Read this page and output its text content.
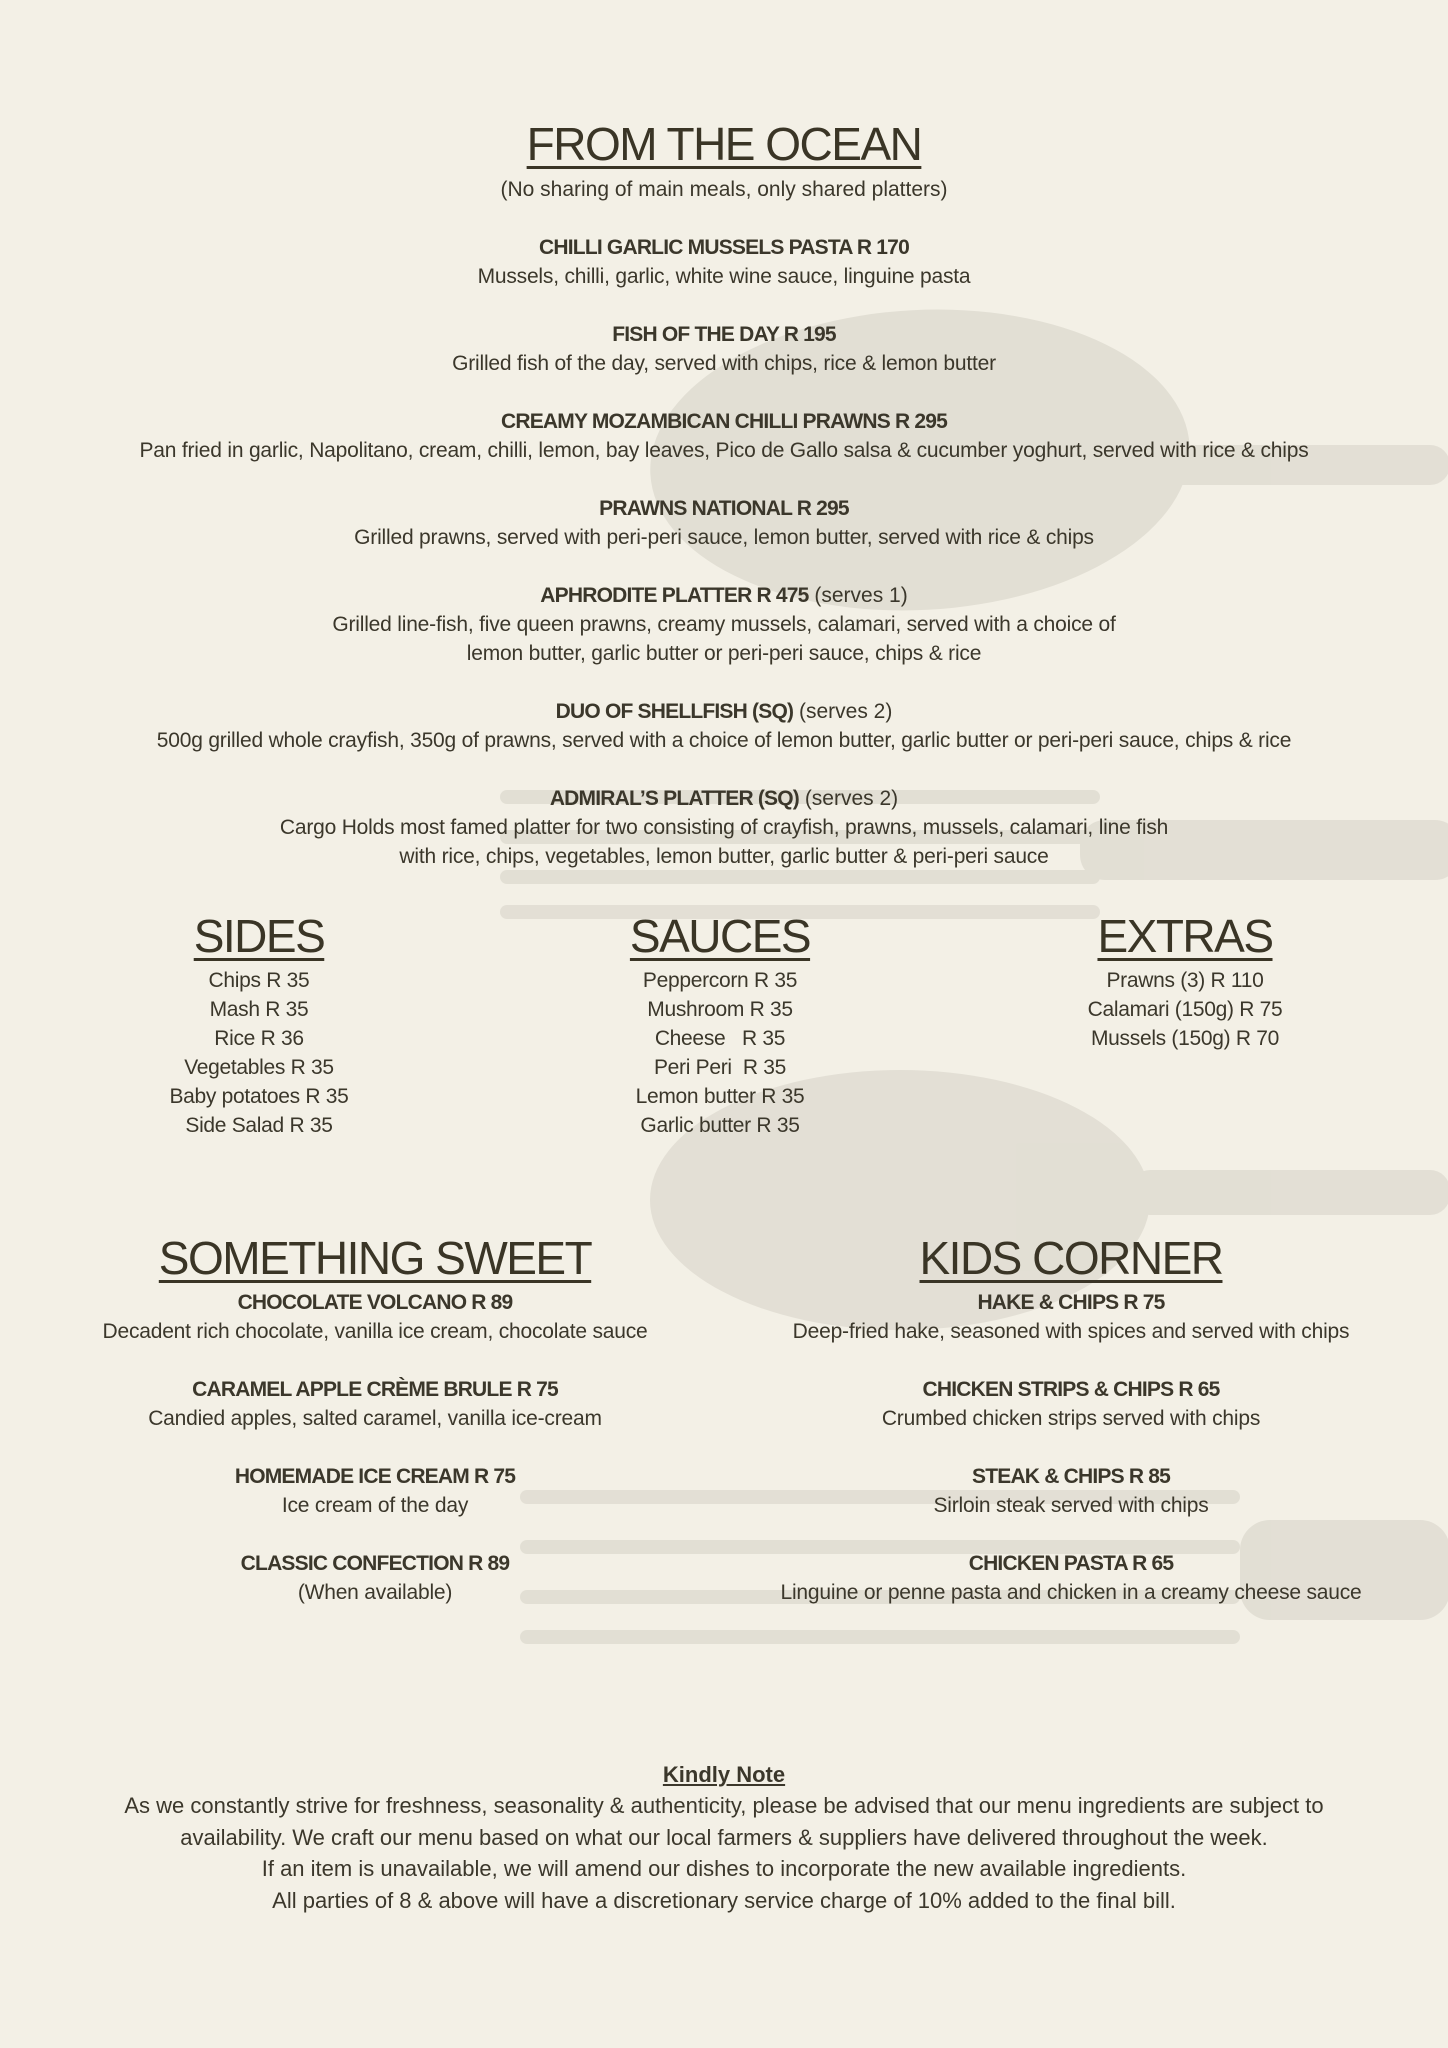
FROM THE OCEAN
(No sharing of main meals, only shared platters)
CHILLI GARLIC MUSSELS PASTA R 170
Mussels, chilli, garlic, white wine sauce, linguine pasta
FISH OF THE DAY R 195
Grilled fish of the day, served with chips, rice & lemon butter
CREAMY MOZAMBICAN CHILLI PRAWNS R 295
Pan fried in garlic, Napolitano, cream, chilli, lemon, bay leaves, Pico de Gallo salsa & cucumber yoghurt, served with rice & chips
PRAWNS NATIONAL R 295
Grilled prawns, served with peri-peri sauce, lemon butter, served with rice & chips
APHRODITE PLATTER R 475 (serves 1)
Grilled line-fish, five queen prawns, creamy mussels, calamari, served with a choice of
lemon butter, garlic butter or peri-peri sauce, chips & rice
DUO OF SHELLFISH (SQ) (serves 2)
500g grilled whole crayfish, 350g of prawns, served with a choice of lemon butter, garlic butter or peri-peri sauce, chips & rice
ADMIRAL’S PLATTER (SQ) (serves 2)
Cargo Holds most famed platter for two consisting of crayfish, prawns, mussels, calamari, line fish
with rice, chips, vegetables, lemon butter, garlic butter & peri-peri sauce
SIDES
Chips R 35
Mash R 35
Rice R 36
Vegetables R 35
Baby potatoes R 35
Side Salad R 35
SAUCES
Peppercorn R 35
Mushroom R 35
Cheese   R 35
Peri Peri  R 35
Lemon butter R 35
Garlic butter R 35
EXTRAS
Prawns (3) R 110
Calamari (150g) R 75
Mussels (150g) R 70
SOMETHING SWEET
CHOCOLATE VOLCANO R 89
Decadent rich chocolate, vanilla ice cream, chocolate sauce
CARAMEL APPLE CRÈME BRULE R 75
Candied apples, salted caramel, vanilla ice-cream
HOMEMADE ICE CREAM R 75
Ice cream of the day
CLASSIC CONFECTION R 89
(When available)
KIDS CORNER
HAKE & CHIPS R 75
Deep-fried hake, seasoned with spices and served with chips
CHICKEN STRIPS & CHIPS R 65
Crumbed chicken strips served with chips
STEAK & CHIPS R 85
Sirloin steak served with chips
CHICKEN PASTA R 65
Linguine or penne pasta and chicken in a creamy cheese sauce
Kindly Note
As we constantly strive for freshness, seasonality & authenticity, please be advised that our menu ingredients are subject to
availability. We craft our menu based on what our local farmers & suppliers have delivered throughout the week.
If an item is unavailable, we will amend our dishes to incorporate the new available ingredients.
All parties of 8 & above will have a discretionary service charge of 10% added to the final bill.
